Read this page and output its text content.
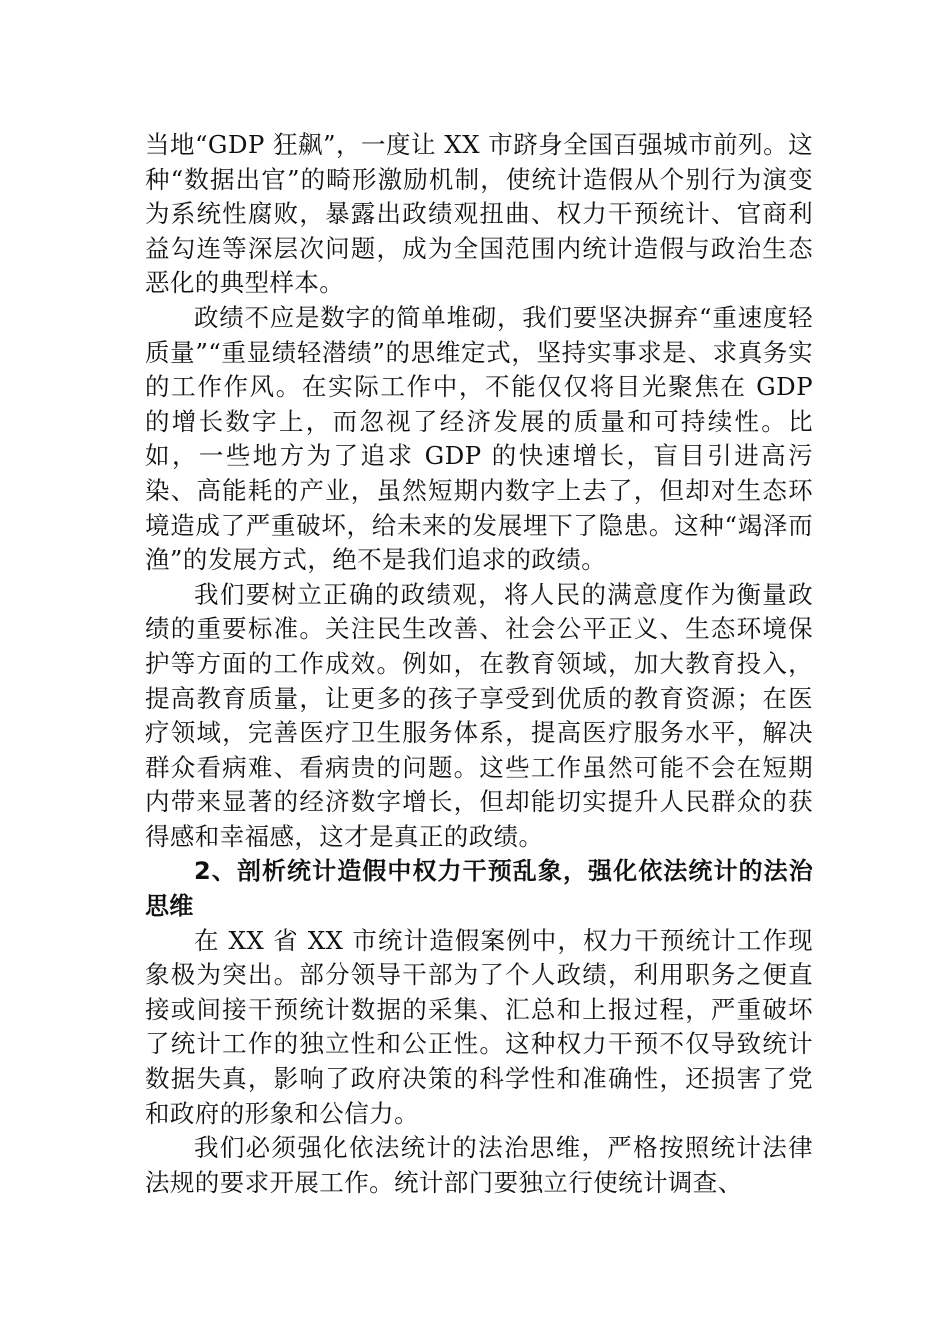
当地“GDP 狂飙”，一度让 XX 市跻身全国百强城市前列。这种“数据出官”的畸形激励机制，使统计造假从个别行为演变为系统性腐败，暴露出政绩观扭曲、权力干预统计、官商利益勾连等深层次问题，成为全国范围内统计造假与政治生态恶化的典型样本。

政绩不应是数字的简单堆砌，我们要坚决摒弃“重速度轻质量”“重显绩轻潜绩”的思维定式，坚持实事求是、求真务实的工作作风。在实际工作中，不能仅仅将目光聚焦在 GDP 的增长数字上，而忽视了经济发展的质量和可持续性。比如，一些地方为了追求 GDP 的快速增长，盲目引进高污染、高能耗的产业，虽然短期内数字上去了，但却对生态环境造成了严重破坏，给未来的发展埋下了隐患。这种“竭泽而渔”的发展方式，绝不是我们追求的政绩。

我们要树立正确的政绩观，将人民的满意度作为衡量政绩的重要标准。关注民生改善、社会公平正义、生态环境保护等方面的工作成效。例如，在教育领域，加大教育投入，提高教育质量，让更多的孩子享受到优质的教育资源；在医疗领域，完善医疗卫生服务体系，提高医疗服务水平，解决群众看病难、看病贵的问题。这些工作虽然可能不会在短期内带来显著的经济数字增长，但却能切实提升人民群众的获得感和幸福感，这才是真正的政绩。

2、剖析统计造假中权力干预乱象，强化依法统计的法治思维

在 XX 省 XX 市统计造假案例中，权力干预统计工作现象极为突出。部分领导干部为了个人政绩，利用职务之便直接或间接干预统计数据的采集、汇总和上报过程，严重破坏了统计工作的独立性和公正性。这种权力干预不仅导致统计数据失真，影响了政府决策的科学性和准确性，还损害了党和政府的形象和公信力。

我们必须强化依法统计的法治思维，严格按照统计法律法规的要求开展工作。统计部门要独立行使统计调查、
